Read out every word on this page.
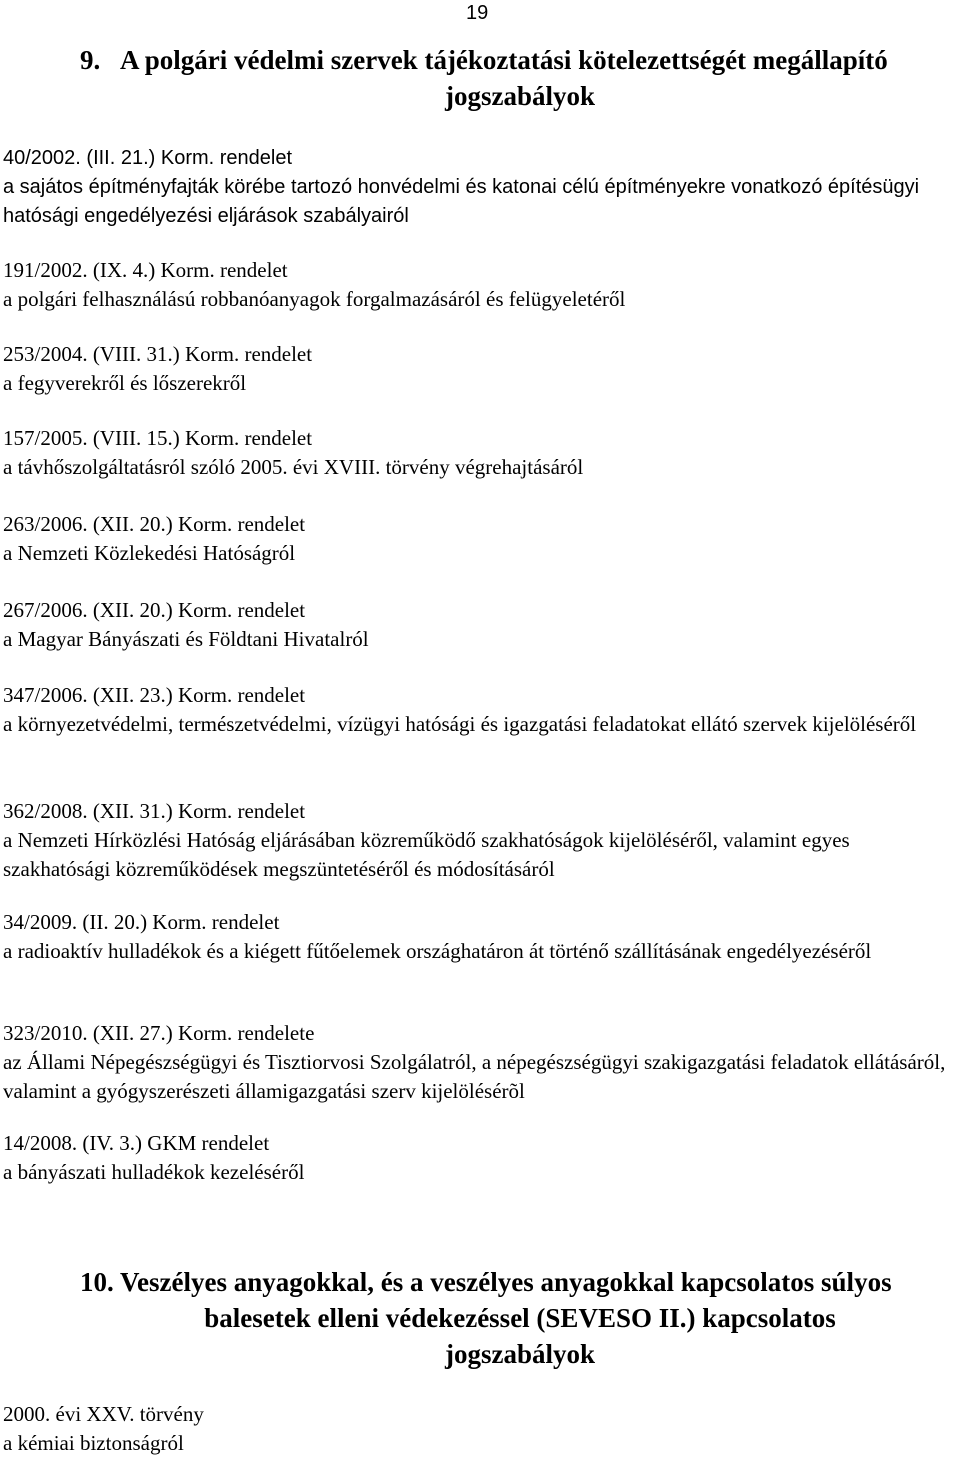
19
9. A polgári védelmi szervek tájékoztatási kötelezettségét megállapító
jogszabályok
40/2002. (III. 21.) Korm. rendelet
a sajátos építményfajták körébe tartozó honvédelmi és katonai célú építményekre vonatkozó építésügyi hatósági engedélyezési eljárások szabályairól
191/2002. (IX. 4.) Korm. rendelet
a polgári felhasználású robbanóanyagok forgalmazásáról és felügyeletéről
253/2004. (VIII. 31.) Korm. rendelet
a fegyverekről és lőszerekről
157/2005. (VIII. 15.) Korm. rendelet
a távhőszolgáltatásról szóló 2005. évi XVIII. törvény végrehajtásáról
263/2006. (XII. 20.) Korm. rendelet
a Nemzeti Közlekedési Hatóságról
267/2006. (XII. 20.) Korm. rendelet
a Magyar Bányászati és Földtani Hivatalról
347/2006. (XII. 23.) Korm. rendelet
a környezetvédelmi, természetvédelmi, vízügyi hatósági és igazgatási feladatokat ellátó szervek kijelöléséről
362/2008. (XII. 31.) Korm. rendelet
a Nemzeti Hírközlési Hatóság eljárásában közreműködő szakhatóságok kijelöléséről, valamint egyes szakhatósági közreműködések megszüntetéséről és módosításáról
34/2009. (II. 20.) Korm. rendelet
a radioaktív hulladékok és a kiégett fűtőelemek országhatáron át történő szállításának engedélyezéséről
323/2010. (XII. 27.) Korm. rendelete
az Állami Népegészségügyi és Tisztiorvosi Szolgálatról, a népegészségügyi szakigazgatási feladatok ellátásáról, valamint a gyógyszerészeti államigazgatási szerv kijelölésérõl
14/2008. (IV. 3.) GKM rendelet
a bányászati hulladékok kezeléséről
10. Veszélyes anyagokkal, és a veszélyes anyagokkal kapcsolatos súlyos
balesetek elleni védekezéssel (SEVESO II.) kapcsolatos
jogszabályok
2000. évi XXV. törvény
a kémiai biztonságról
